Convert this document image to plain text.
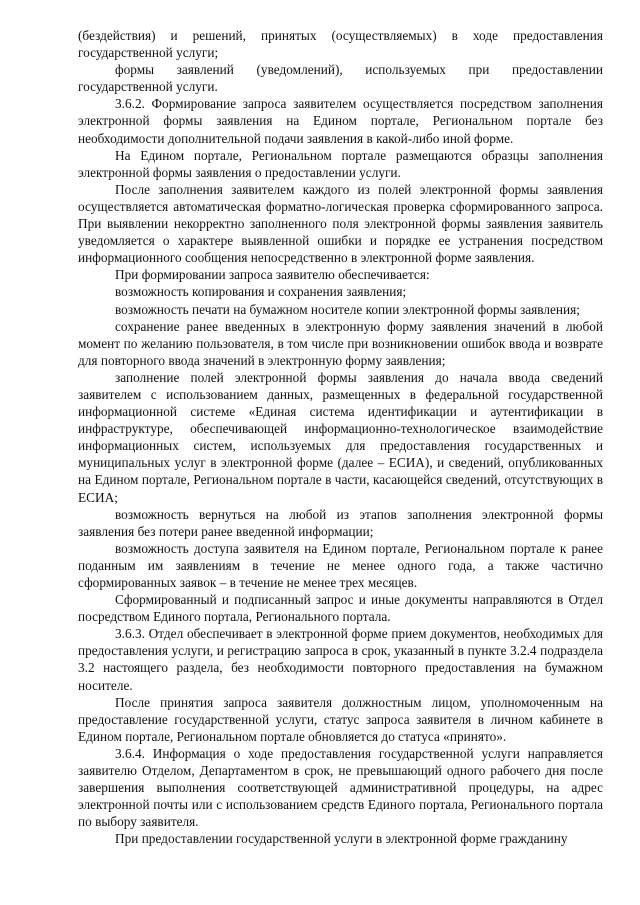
(бездействия) и решений, принятых (осуществляемых) в ходе предоставления государственной услуги;

формы заявлений (уведомлений), используемых при предоставлении государственной услуги.

3.6.2. Формирование запроса заявителем осуществляется посредством заполнения электронной формы заявления на Едином портале, Региональном портале без необходимости дополнительной подачи заявления в какой-либо иной форме.

На Едином портале, Региональном портале размещаются образцы заполнения электронной формы заявления о предоставлении услуги.

После заполнения заявителем каждого из полей электронной формы заявления осуществляется автоматическая форматно-логическая проверка сформированного запроса. При выявлении некорректно заполненного поля электронной формы заявления заявитель уведомляется о характере выявленной ошибки и порядке ее устранения посредством информационного сообщения непосредственно в электронной форме заявления.

При формировании запроса заявителю обеспечивается:

возможность копирования и сохранения заявления;

возможность печати на бумажном носителе копии электронной формы заявления;

сохранение ранее введенных в электронную форму заявления значений в любой момент по желанию пользователя, в том числе при возникновении ошибок ввода и возврате для повторного ввода значений в электронную форму заявления;

заполнение полей электронной формы заявления до начала ввода сведений заявителем с использованием данных, размещенных в федеральной государственной информационной системе «Единая система идентификации и аутентификации в инфраструктуре, обеспечивающей информационно-технологическое взаимодействие информационных систем, используемых для предоставления государственных и муниципальных услуг в электронной форме (далее – ЕСИА), и сведений, опубликованных на Едином портале, Региональном портале в части, касающейся сведений, отсутствующих в ЕСИА;

возможность вернуться на любой из этапов заполнения электронной формы заявления без потери ранее введенной информации;

возможность доступа заявителя на Едином портале, Региональном портале к ранее поданным им заявлениям в течение не менее одного года, а также частично сформированных заявок – в течение не менее трех месяцев.

Сформированный и подписанный запрос и иные документы направляются в Отдел посредством Единого портала, Регионального портала.

3.6.3. Отдел обеспечивает в электронной форме прием документов, необходимых для предоставления услуги, и регистрацию запроса в срок, указанный в пункте 3.2.4 подраздела 3.2 настоящего раздела, без необходимости повторного предоставления на бумажном носителе.

После принятия запроса заявителя должностным лицом, уполномоченным на предоставление государственной услуги, статус запроса заявителя в личном кабинете в Едином портале, Региональном портале обновляется до статуса «принято».

3.6.4. Информация о ходе предоставления государственной услуги направляется заявителю Отделом, Департаментом в срок, не превышающий одного рабочего дня после завершения выполнения соответствующей административной процедуры, на адрес электронной почты или с использованием средств Единого портала, Регионального портала по выбору заявителя.

При предоставлении государственной услуги в электронной форме гражданину
